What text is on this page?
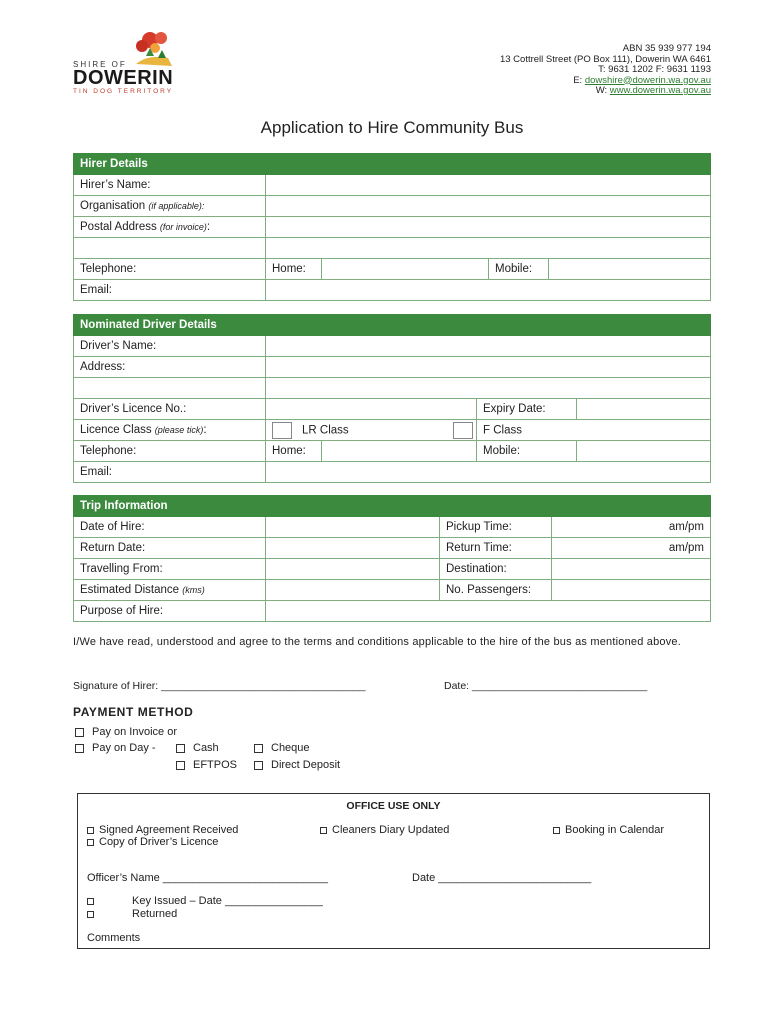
SHIRE OF
DOWERIN
TIN DOG TERRITORY
ABN 35 939 977 194
13 Cottrell Street (PO Box 111), Dowerin WA 6461
T: 9631 1202 F: 9631 1193
E: dowshire@dowerin.wa.gov.au
W: www.dowerin.wa.gov.au
Application to Hire Community Bus
Hirer Details				
Hirer’s Name:				
Organisation (if applicable):				
Postal Address (for invoice):				

Telephone:	Home:		Mobile:	
Email:				
Nominated Driver Details				
Driver’s Name:				
Address:				

Driver’s Licence No.:			Expiry Date:	
Licence Class (please tick):	LR Class		F Class	
Telephone:	Home:		Mobile:	
Email:				
Trip Information			
Date of Hire:		Pickup Time:	am/pm
Return Date:		Return Time:	am/pm
Travelling From:		Destination:	
Estimated Distance (kms)		No. Passengers:	
Purpose of Hire:			
I/We have read, understood and agree to the terms and conditions applicable to the hire of the bus as mentioned above.
Signature of Hirer: ___________________________________	Date: ______________________________
PAYMENT METHOD
Pay on Invoice or
Pay on Day -	Cash	Cheque
EFTPOS	Direct Deposit
OFFICE USE ONLY
Signed Agreement Received
Copy of Driver’s Licence
Cleaners Diary Updated	Booking in Calendar
Officer’s Name ___________________________	Date _________________________
Key Issued – Date ________________
Returned
Comments
